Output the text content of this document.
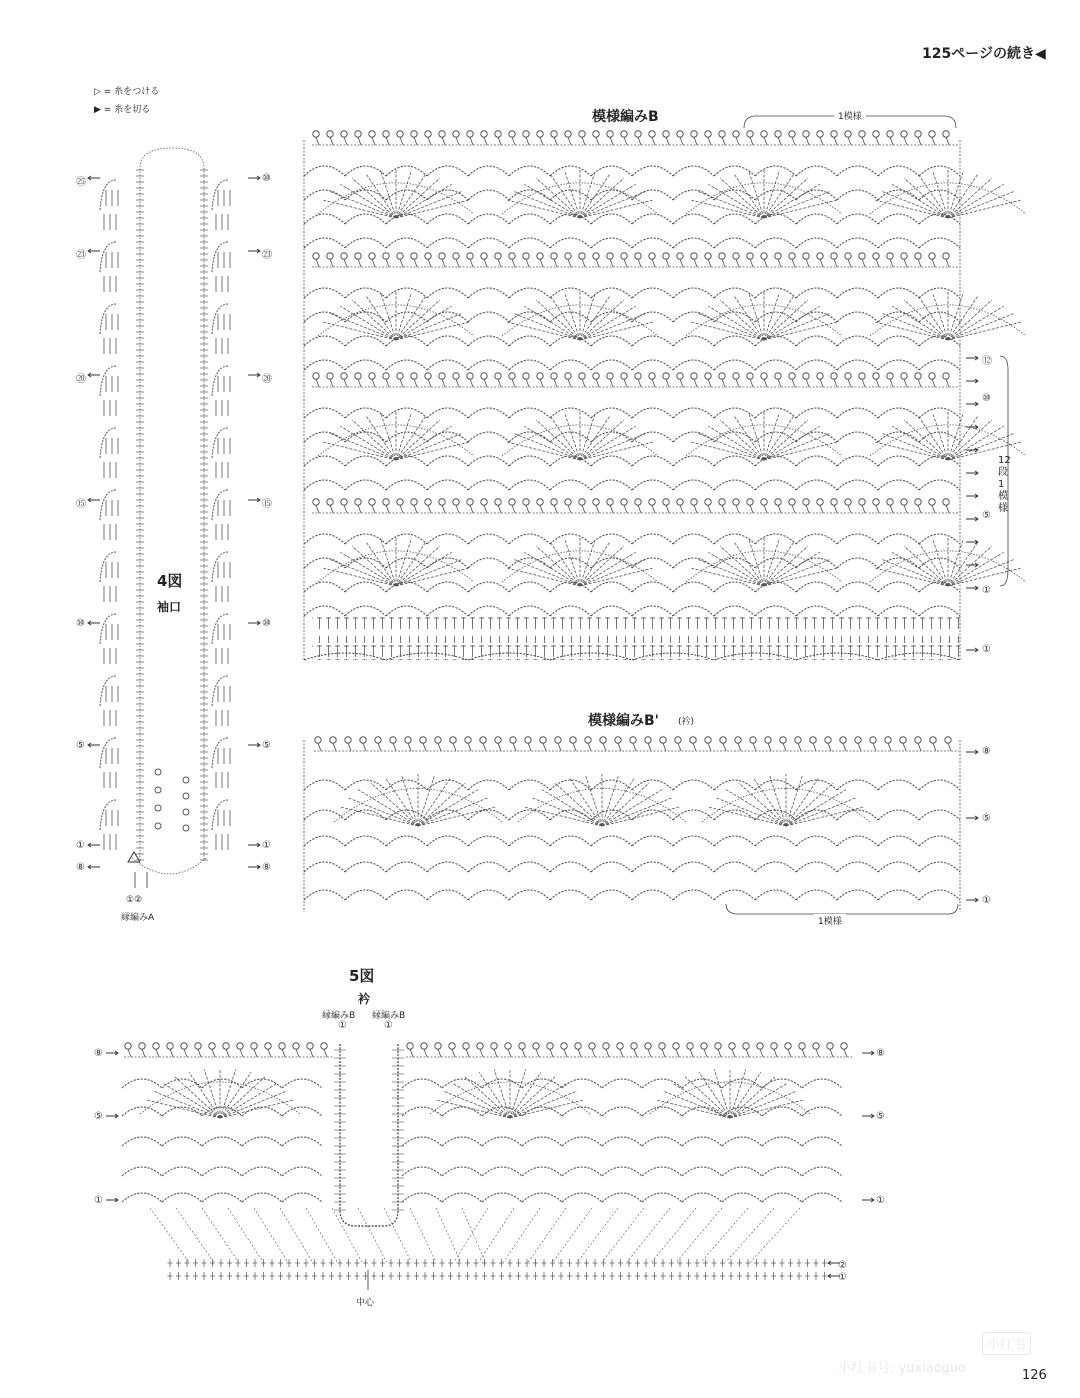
125ページの続き◀
▷ = 糸をつける
▶ = 糸を切る
4図
袖口
①②
縁編みA
㉕
㉓
⑳
⑮
⑩
⑤
①
⑧
⑩
㉓
⑳
⑮
⑩
⑤
①
⑧
模様編みB	1模様
12段1模様
⑫
⑩
⑤
①
①
模様編みB' (衿)
1模様
⑧
⑤
①
5図
衿
縁編みB 縁編みB
①	①
中心
⑧
⑤
①
⑧
⑤
①
②
①
小红书
小红书号: yuxiaoguo	126
